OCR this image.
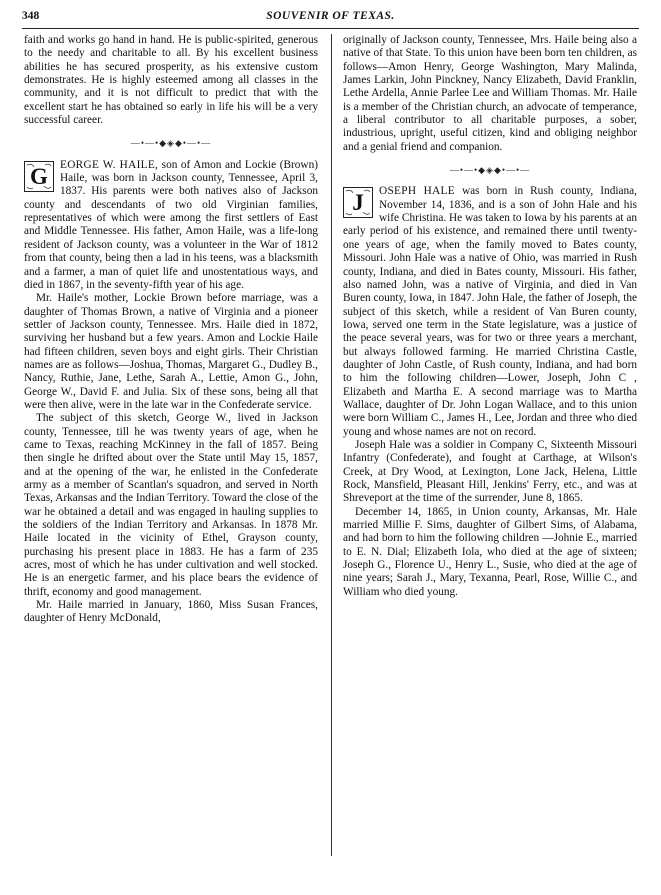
348	SOUVENIR OF TEXAS.

faith and works go hand in hand. He is public-spirited, generous to the needy and charitable to all. By his excellent business abilities he has secured prosperity, as his extensive custom demonstrates. He is highly esteemed among all classes in the community, and it is not difficult to predict that with the excellent start he has obtained so early in life his will be a very successful career.

—•—•◆◈◆•—•—

G EORGE W. HAILE, son of Amon and Lockie (Brown) Haile, was born in Jackson county, Tennessee, April 3, 1837. His parents were both natives also of Jackson county and descendants of two old Virginian families, representatives of which were among the first settlers of East and Middle Tennessee. His father, Amon Haile, was a life-long resident of Jackson county, was a volunteer in the War of 1812 from that county, being then a lad in his teens, was a blacksmith and a farmer, a man of quiet life and unostentatious ways, and died in 1867, in the seventy-fifth year of his age.

Mr. Haile's mother, Lockie Brown before marriage, was a daughter of Thomas Brown, a native of Virginia and a pioneer settler of Jackson county, Tennessee. Mrs. Haile died in 1872, surviving her husband but a few years. Amon and Lockie Haile had fifteen children, seven boys and eight girls. Their Christian names are as follows—Joshua, Thomas, Margaret G., Dudley B., Nancy, Ruthie, Jane, Lethe, Sarah A., Lettie, Amon G., John, George W., David F. and Julia. Six of these sons, being all that were then alive, were in the late war in the Confederate service.

The subject of this sketch, George W., lived in Jackson county, Tennessee, till he was twenty years of age, when he came to Texas, reaching McKinney in the fall of 1857. Being then single he drifted about over the State until May 15, 1857, and at the opening of the war, he enlisted in the Confederate army as a member of Scantlan's squadron, and served in North Texas, Arkansas and the Indian Territory. Toward the close of the war he obtained a detail and was engaged in hauling supplies to the soldiers of the Indian Territory and Arkansas. In 1878 Mr. Haile located in the vicinity of Ethel, Grayson county, purchasing his present place in 1883. He has a farm of 235 acres, most of which he has under cultivation and well stocked. He is an energetic farmer, and his place bears the evidence of thrift, economy and good management.

Mr. Haile married in January, 1860, Miss Susan Frances, daughter of Henry McDonald,

originally of Jackson county, Tennessee, Mrs. Haile being also a native of that State. To this union have been born ten children, as follows—Amon Henry, George Washington, Mary Malinda, James Larkin, John Pinckney, Nancy Elizabeth, David Franklin, Lethe Ardella, Annie Parlee Lee and William Thomas. Mr. Haile is a member of the Christian church, an advocate of temperance, a liberal contributor to all charitable purposes, a sober, industrious, upright, useful citizen, kind and obliging neighbor and a genial friend and companion.

—•—•◆◈◆•—•—

J OSEPH HALE was born in Rush county, Indiana, November 14, 1836, and is a son of John Hale and his wife Christina. He was taken to Iowa by his parents at an early period of his existence, and remained there until twenty-one years of age, when the family moved to Bates county, Missouri. John Hale was a native of Ohio, was married in Rush county, Indiana, and died in Bates county, Missouri. His father, also named John, was a native of Virginia, and died in Van Buren county, Iowa, in 1847. John Hale, the father of Joseph, the subject of this sketch, while a resident of Van Buren county, Iowa, served one term in the State legislature, was a justice of the peace several years, was for two or three years a merchant, but always followed farming. He married Christina Castle, daughter of John Castle, of Rush county, Indiana, and had born to him the following children—Lower, Joseph, John C , Elizabeth and Martha E. A second marriage was to Martha Wallace, daughter of Dr. John Logan Wallace, and to this union were born William C., James H., Lee, Jordan and three who died young and whose names are not on record.

Joseph Hale was a soldier in Company C, Sixteenth Missouri Infantry (Confederate), and fought at Carthage, at Wilson's Creek, at Dry Wood, at Lexington, Lone Jack, Helena, Little Rock, Mansfield, Pleasant Hill, Jenkins' Ferry, etc., and was at Shreveport at the time of the surrender, June 8, 1865.

December 14, 1865, in Union county, Arkansas, Mr. Hale married Millie F. Sims, daughter of Gilbert Sims, of Alabama, and had born to him the following children —Johnie E., married to E. N. Dial; Elizabeth Iola, who died at the age of sixteen; Joseph G., Florence U., Henry L., Susie, who died at the age of nine years; Sarah J., Mary, Texanna, Pearl, Rose, Willie C., and William who died young.
